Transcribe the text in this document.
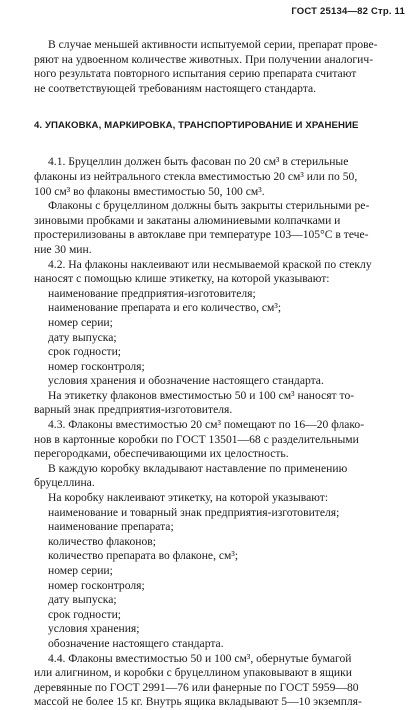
ГОСТ 25134—82 Стр. 11

В случае меньшей активности испытуемой серии, препарат прове-

ряют на удвоенном количестве животных. При получении аналогич-

ного результата повторного испытания серию препарата считают

не соответствующей требованиям настоящего стандарта.

4. УПАКОВКА, МАРКИРОВКА, ТРАНСПОРТИРОВАНИЕ И ХРАНЕНИЕ

4.1. Бруцеллин должен быть фасован по 20 см³ в стерильные

флаконы из нейтрального стекла вместимостью 20 см³ или по 50,

100 см³ во флаконы вместимостью 50, 100 см³.

Флаконы с бруцеллином должны быть закрыты стерильными ре-

зиновыми пробками и закатаны алюминиевыми колпачками и

простерилизованы в автоклаве при температуре 103—105°С в тече-

ние 30 мин.

4.2. На флаконы наклеивают или несмываемой краской по стеклу

наносят с помощью клише этикетку, на которой указывают:

наименование предприятия-изготовителя;

наименование препарата и его количество, см³;

номер серии;

дату выпуска;

срок годности;

номер госконтроля;

условия хранения и обозначение настоящего стандарта.

На этикетку флаконов вместимостью 50 и 100 см³ наносят то-

варный знак предприятия-изготовителя.

4.3. Флаконы вместимостью 20 см³ помещают по 16—20 флако-

нов в картонные коробки по ГОСТ 13501—68 с разделительными

перегородками, обеспечивающими их целостность.

В каждую коробку вкладывают наставление по применению

бруцеллина.

На коробку наклеивают этикетку, на которой указывают:

наименование и товарный знак предприятия-изготовителя;

наименование препарата;

количество флаконов;

количество препарата во флаконе, см³;

номер серии;

номер госконтроля;

дату выпуска;

срок годности;

условия хранения;

обозначение настоящего стандарта.

4.4. Флаконы вместимостью 50 и 100 см³, обернутые бумагой

или алигнином, и коробки с бруцеллином упаковывают в ящики

деревянные по ГОСТ 2991—76 или фанерные по ГОСТ 5959—80

массой не более 15 кг. Внутрь ящика вкладывают 5—10 экземпля-
